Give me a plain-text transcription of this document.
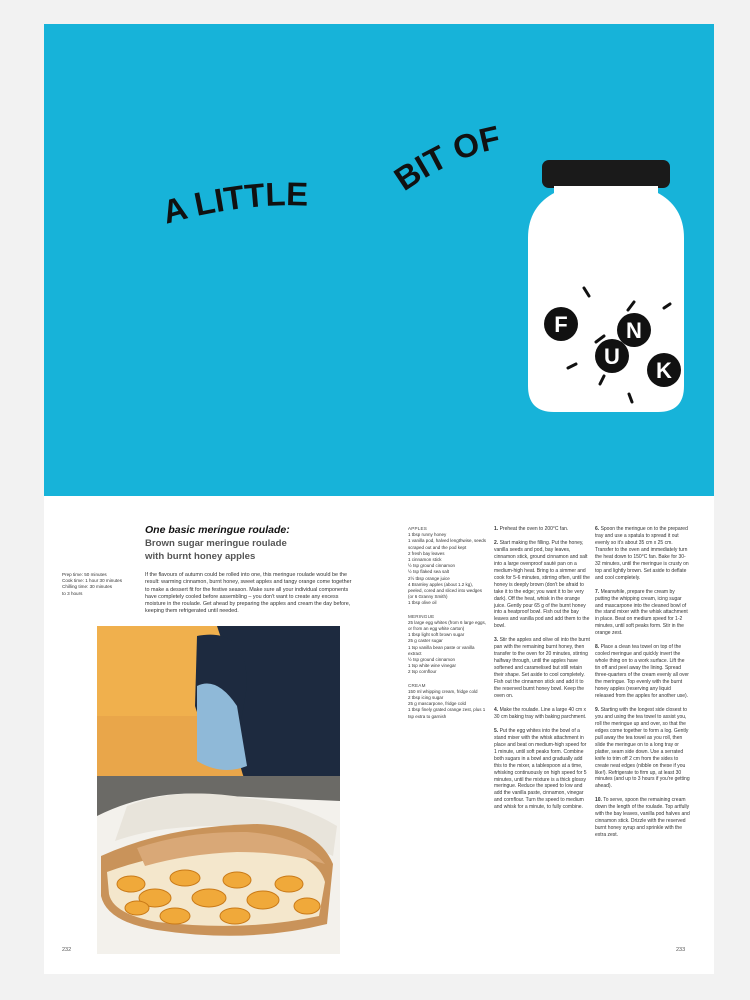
A LITTLE BIT OF
F
U
N
K
One basic meringue roulade:
Brown sugar meringue roulade
with burnt honey apples
Prep time: 50 minutes
Cook time: 1 hour 30 minutes
Chilling time: 30 minutes
to 3 hours
If the flavours of autumn could be rolled into one, this meringue roulade would be the result: warming cinnamon, burnt honey, sweet apples and tangy orange come together to make a dessert fit for the festive season. Make sure all your individual components have completely cooled before assembling – you don't want to create any excess moisture in the roulade. Get ahead by preparing the apples and cream the day before, keeping them refrigerated until needed.
232
APPLES
1 tbsp runny honey
1 vanilla pod, halved lengthwise, seeds scraped out and the pod kept
2 fresh bay leaves
1 cinnamon stick
½ tsp ground cinnamon
½ tsp flaked sea salt
2½ tbsp orange juice
4 Bramley apples (about 1.2 kg), peeled, cored and sliced into wedges (or 6 Granny Smith)
1 tbsp olive oil
MERINGUE
25 large egg whites (from 6 large eggs, or from an egg white carton)
1 tbsp light soft brown sugar
25 g caster sugar
1 tsp vanilla bean paste or vanilla extract
½ tsp ground cinnamon
1 tsp white wine vinegar
2 tsp cornflour
CREAM
150 ml whipping cream, fridge cold
2 tbsp icing sugar
25 g mascarpone, fridge cold
1 tbsp finely grated orange zest, plus 1 tsp extra to garnish
1. Preheat the oven to 200°C fan.
2. Start making the filling. Put the honey, vanilla seeds and pod, bay leaves, cinnamon stick, ground cinnamon and salt into a large ovenproof sauté pan on a medium-high heat. Bring to a simmer and cook for 5-6 minutes, stirring often, until the honey is deeply brown (don't be afraid to take it to the edge; you want it to be very dark). Off the heat, whisk in the orange juice. Gently pour 65 g of the burnt honey into a heatproof bowl. Fish out the bay leaves and vanilla pod and add them to the bowl.
3. Stir the apples and olive oil into the burnt pan with the remaining burnt honey, then transfer to the oven for 20 minutes, stirring halfway through, until the apples have softened and caramelised but still retain their shape. Set aside to cool completely. Fish out the cinnamon stick and add it to the reserved burnt honey bowl. Keep the oven on.
4. Make the roulade. Line a large 40 cm x 30 cm baking tray with baking parchment.
5. Put the egg whites into the bowl of a stand mixer with the whisk attachment in place and beat on medium-high speed for 1 minute, until soft peaks form. Combine both sugars in a bowl and gradually add this to the mixer, a tablespoon at a time, whisking continuously on high speed for 5 minutes, until the mixture is a thick glossy meringue. Reduce the speed to low and add the vanilla paste, cinnamon, vinegar and cornflour. Turn the speed to medium and whisk for a minute, to fully combine.
6. Spoon the meringue on to the prepared tray and use a spatula to spread it out evenly so it's about 35 cm x 25 cm. Transfer to the oven and immediately turn the heat down to 150°C fan. Bake for 30-32 minutes, until the meringue is crusty on top and lightly brown. Set aside to deflate and cool completely.
7. Meanwhile, prepare the cream by putting the whipping cream, icing sugar and mascarpone into the cleaned bowl of the stand mixer with the whisk attachment in place. Beat on medium speed for 1-2 minutes, until soft peaks form. Stir in the orange zest.
8. Place a clean tea towel on top of the cooled meringue and quickly invert the whole thing on to a work surface. Lift the tin off and peel away the lining. Spread three-quarters of the cream evenly all over the meringue. Top evenly with the burnt honey apples (reserving any liquid released from the apples for another use).
9. Starting with the longest side closest to you and using the tea towel to assist you, roll the meringue up and over, so that the edges come together to form a log. Gently pull away the tea towel as you roll, then slide the meringue on to a long tray or platter, seam side down. Use a serrated knife to trim off 2 cm from the sides to create neat edges (nibble on these if you like!). Refrigerate to firm up, at least 30 minutes (and up to 3 hours if you're getting ahead).
10. To serve, spoon the remaining cream down the length of the roulade. Top artfully with the bay leaves, vanilla pod halves and cinnamon stick. Drizzle with the reserved burnt honey syrup and sprinkle with the extra zest.
233
